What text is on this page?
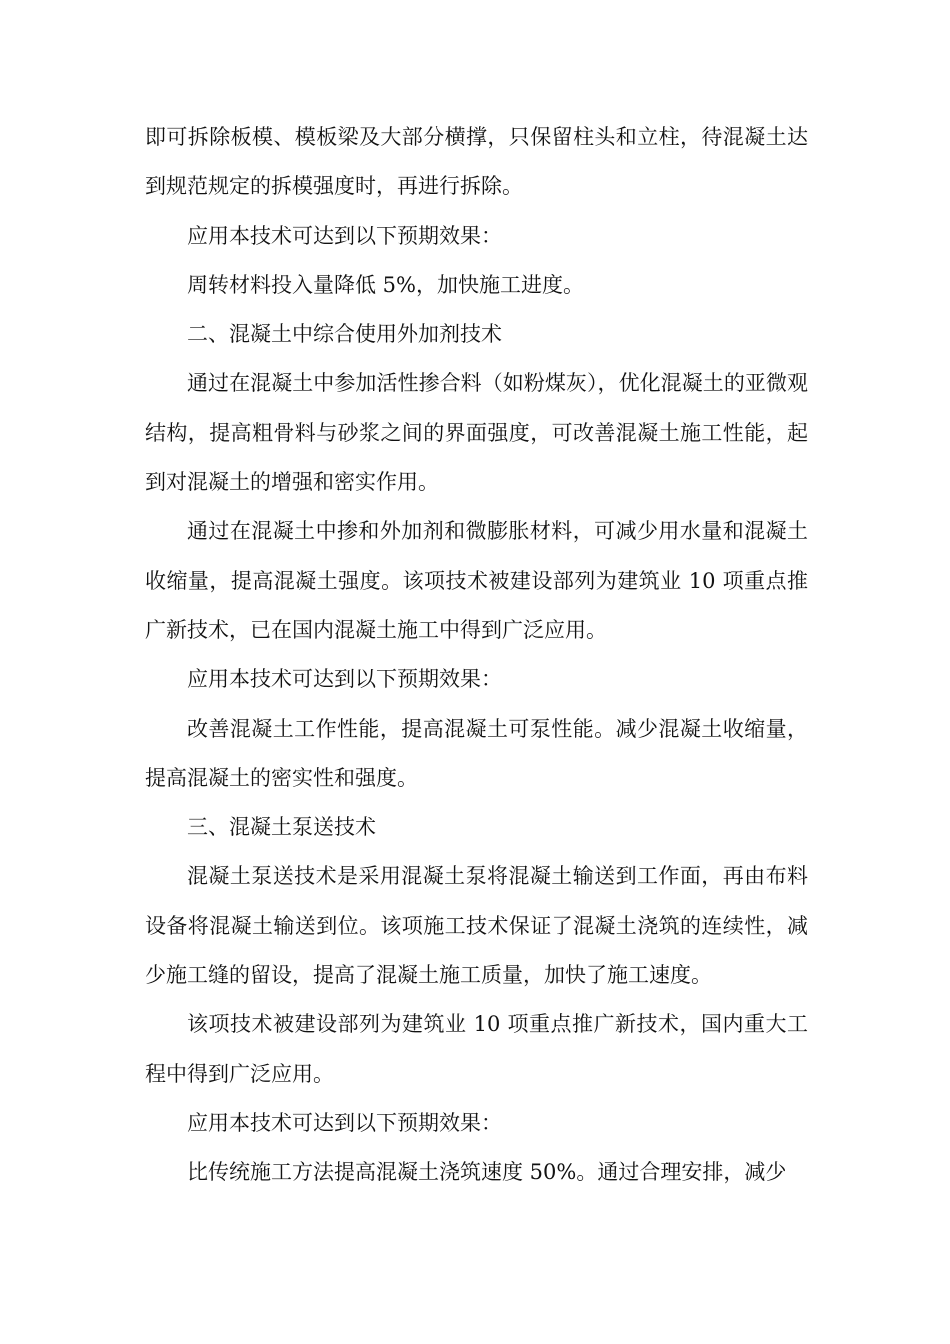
即可拆除板模、模板梁及大部分横撑，只保留柱头和立柱，待混凝土达到规范规定的拆模强度时，再进行拆除。

应用本技术可达到以下预期效果：

周转材料投入量降低 5%，加快施工进度。

二、混凝土中综合使用外加剂技术

通过在混凝土中参加活性掺合料（如粉煤灰），优化混凝土的亚微观结构，提高粗骨料与砂浆之间的界面强度，可改善混凝土施工性能，起到对混凝土的增强和密实作用。

通过在混凝土中掺和外加剂和微膨胀材料，可减少用水量和混凝土收缩量，提高混凝土强度。该项技术被建设部列为建筑业 10 项重点推广新技术，已在国内混凝土施工中得到广泛应用。

应用本技术可达到以下预期效果：

改善混凝土工作性能，提高混凝土可泵性能。减少混凝土收缩量，提高混凝土的密实性和强度。

三、混凝土泵送技术

混凝土泵送技术是采用混凝土泵将混凝土输送到工作面，再由布料设备将混凝土输送到位。该项施工技术保证了混凝土浇筑的连续性，减少施工缝的留设，提高了混凝土施工质量，加快了施工速度。

该项技术被建设部列为建筑业 10 项重点推广新技术，国内重大工程中得到广泛应用。

应用本技术可达到以下预期效果：

比传统施工方法提高混凝土浇筑速度 50%。通过合理安排，减少
